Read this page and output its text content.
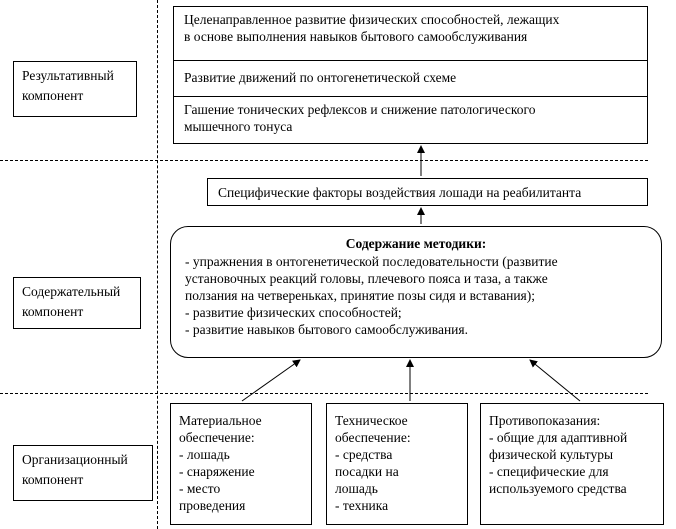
Результативный
компонент
Содержательный
компонент
Организационный
компонент
Целенаправленное развитие физических способностей, лежащих
в основе выполнения навыков бытового самообслуживания
Развитие движений по онтогенетической схеме
Гашение тонических рефлексов и снижение патологического
мышечного тонуса
Специфические факторы воздействия лошади на реабилитанта
Содержание методики:
- упражнения в онтогенетической последовательности (развитие
установочных реакций головы, плечевого пояса и таза, а также
ползания на четвереньках, принятие позы сидя и вставания);
- развитие физических способностей;
- развитие навыков бытового самообслуживания.
Материальное
обеспечение:
- лошадь
- снаряжение
- место
проведения
Техническое
обеспечение:
- средства
посадки на
лошадь
- техника
Противопоказания:
- общие для адаптивной
физической культуры
- специфические для
используемого средства
